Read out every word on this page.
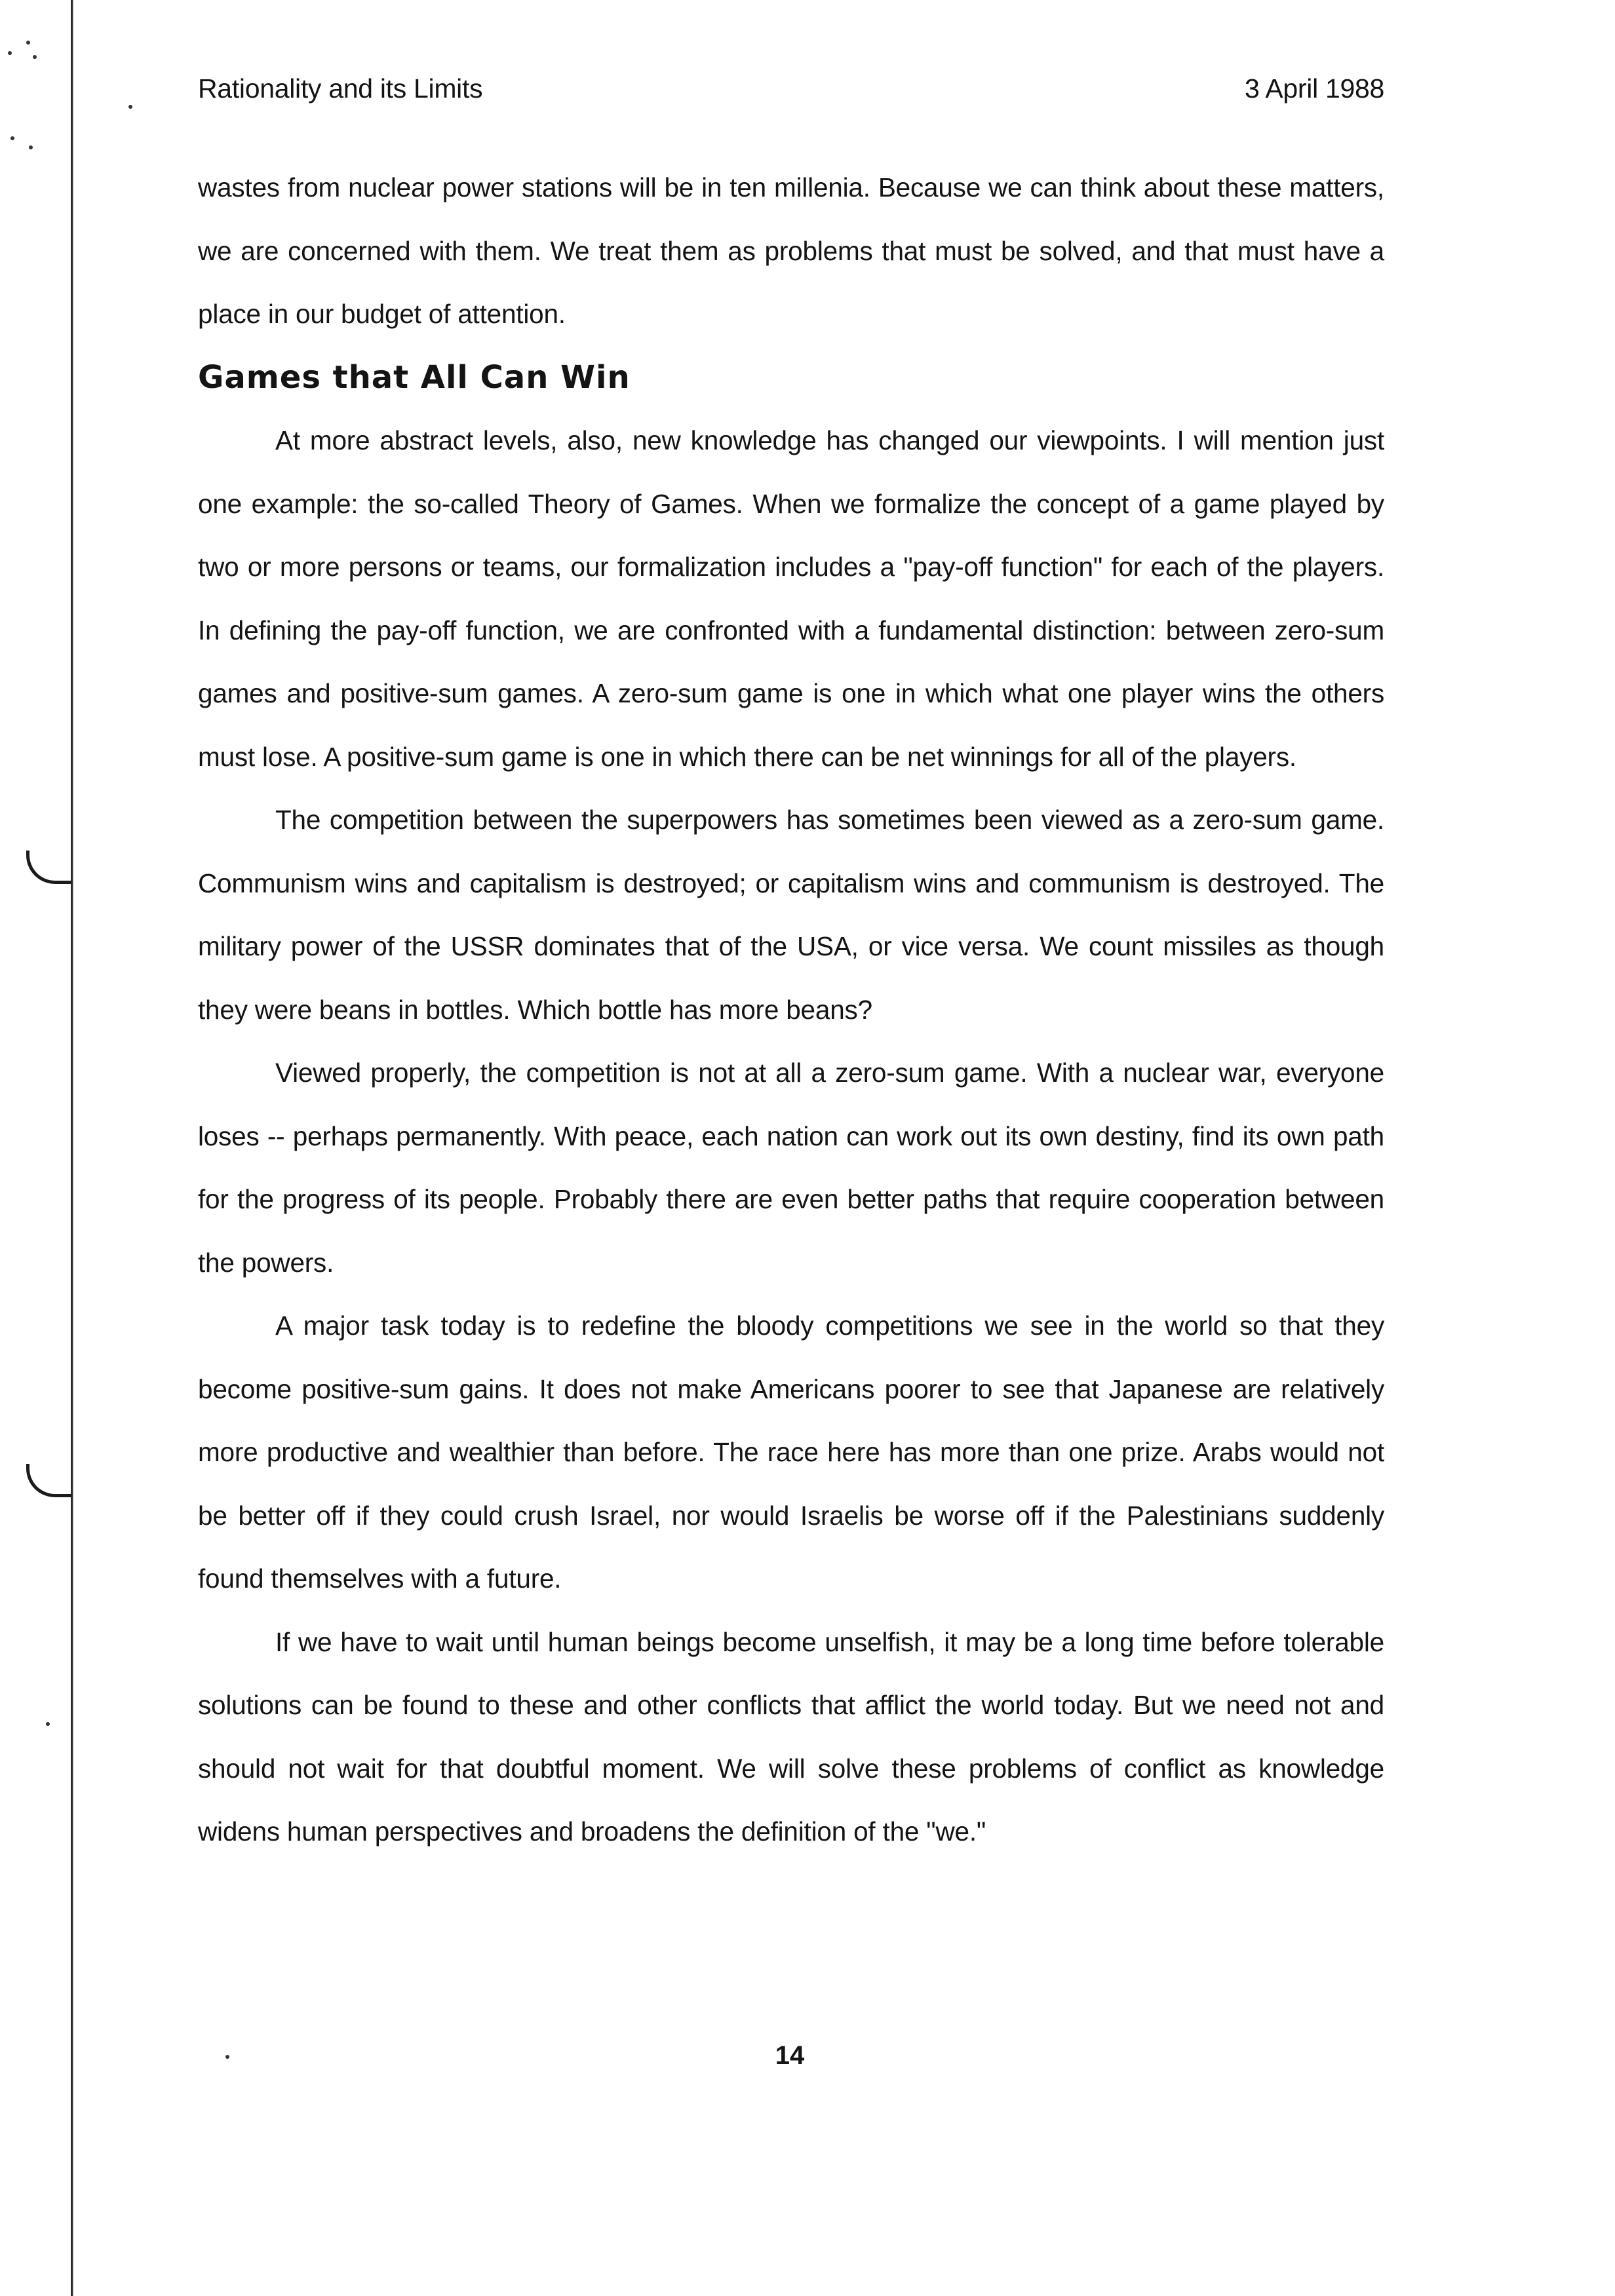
Rationality and its Limits	3 April 1988

wastes from nuclear power stations will be in ten millenia. Because we can think about these matters, we are concerned with them. We treat them as problems that must be solved, and that must have a place in our budget of attention.

Games that All Can Win

At more abstract levels, also, new knowledge has changed our viewpoints. I will mention just one example: the so-called Theory of Games. When we formalize the concept of a game played by two or more persons or teams, our formalization includes a "pay-off function" for each of the players. In defining the pay-off function, we are confronted with a fundamental distinction: between zero-sum games and positive-sum games. A zero-sum game is one in which what one player wins the others must lose. A positive-sum game is one in which there can be net winnings for all of the players.

The competition between the superpowers has sometimes been viewed as a zero-sum game. Communism wins and capitalism is destroyed; or capitalism wins and communism is destroyed. The military power of the USSR dominates that of the USA, or vice versa. We count missiles as though they were beans in bottles. Which bottle has more beans?

Viewed properly, the competition is not at all a zero-sum game. With a nuclear war, everyone loses -- perhaps permanently. With peace, each nation can work out its own destiny, find its own path for the progress of its people. Probably there are even better paths that require cooperation between the powers.

A major task today is to redefine the bloody competitions we see in the world so that they become positive-sum gains. It does not make Americans poorer to see that Japanese are relatively more productive and wealthier than before. The race here has more than one prize. Arabs would not be better off if they could crush Israel, nor would Israelis be worse off if the Palestinians suddenly found themselves with a future.

If we have to wait until human beings become unselfish, it may be a long time before tolerable solutions can be found to these and other conflicts that afflict the world today. But we need not and should not wait for that doubtful moment. We will solve these problems of conflict as knowledge widens human perspectives and broadens the definition of the "we."

14
